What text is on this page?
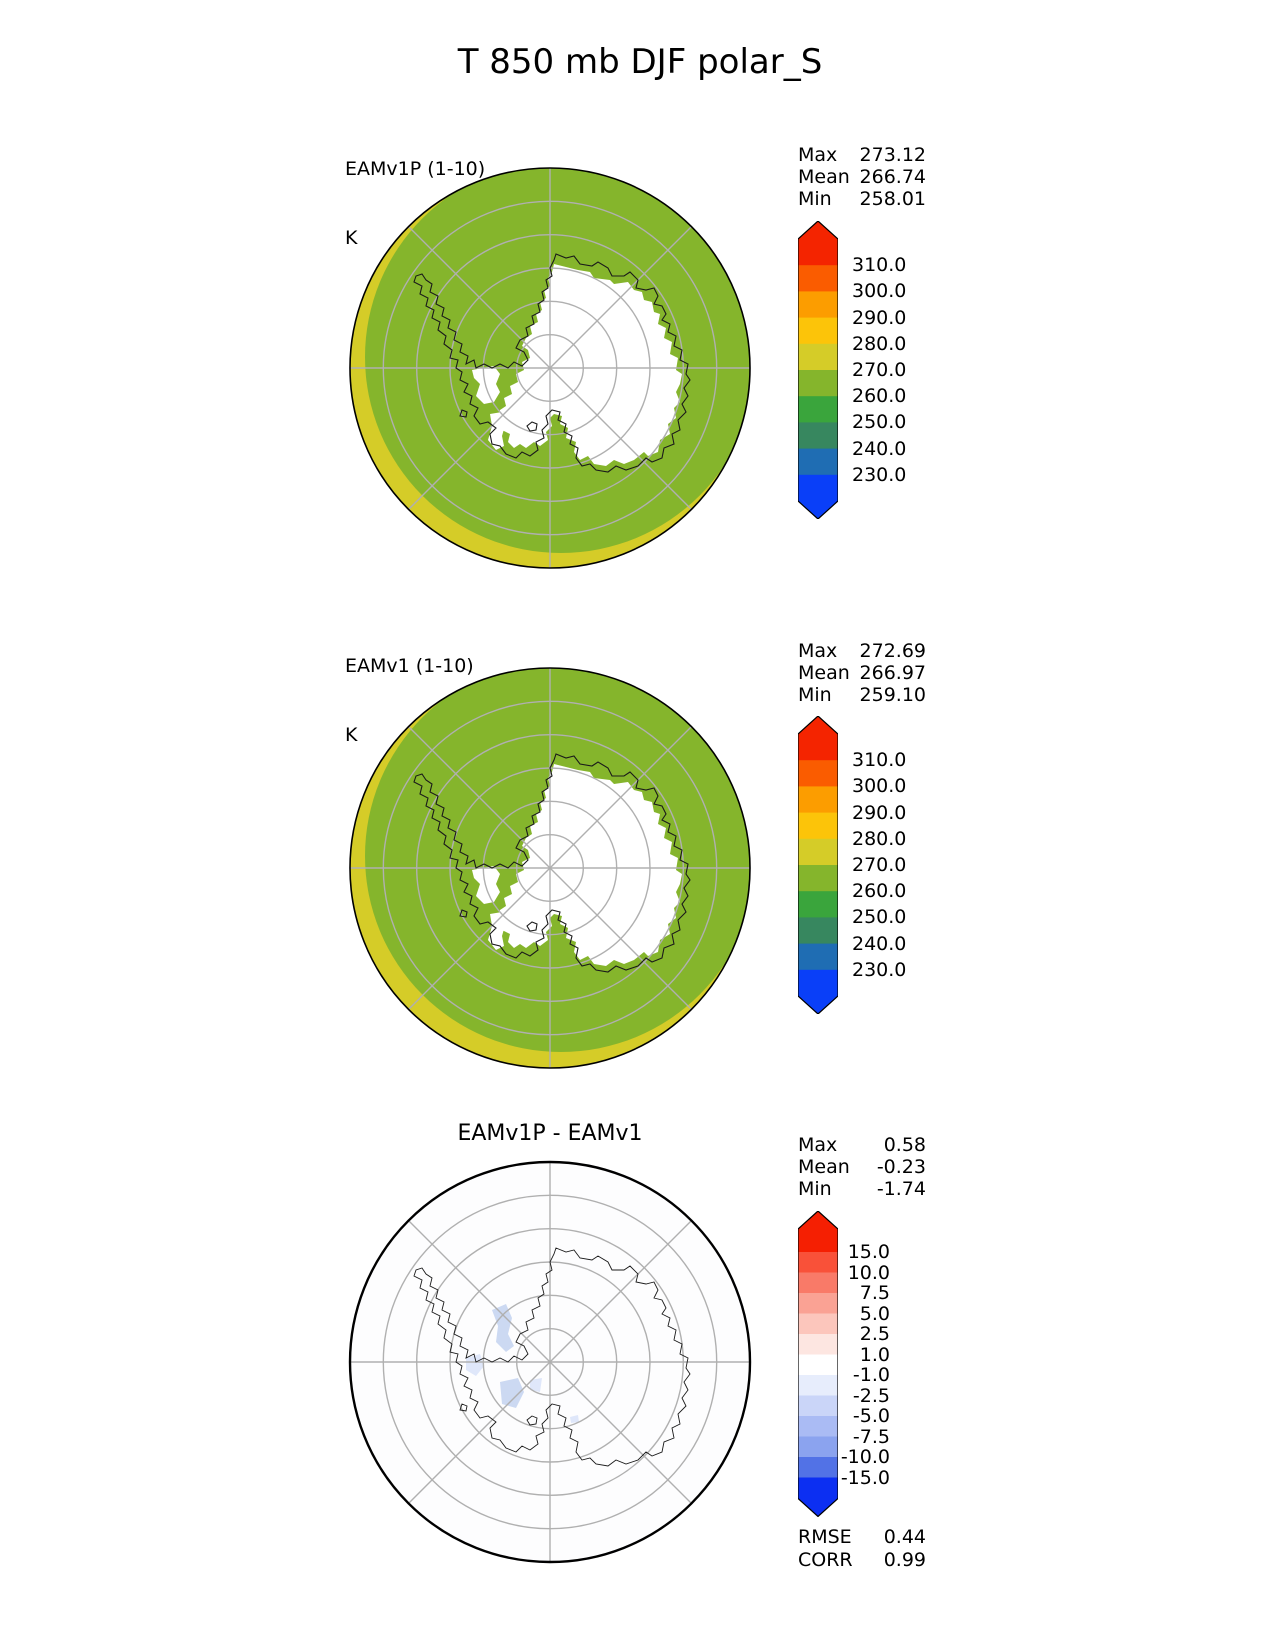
T 850 mb DJF polar_S

EAMv1P (1-10)

K

Max 273.12
Mean 266.74
Min 258.01

EAMv1 (1-10)

K

Max 272.69
Mean 266.97
Min 259.10
EAMv1P - EAMv1	Max 0.58
Mean -0.23
Min -1.74
RMSE 0.44
CORR 0.99
310.0
300.0
290.0
280.0
270.0
260.0
250.0
240.0
230.0
310.0
300.0
290.0
280.0
270.0
260.0
250.0
240.0
230.0
15.0
10.0
7.5
5.0
2.5
1.0
-1.0
-2.5
-5.0
-7.5
-10.0
-15.0
